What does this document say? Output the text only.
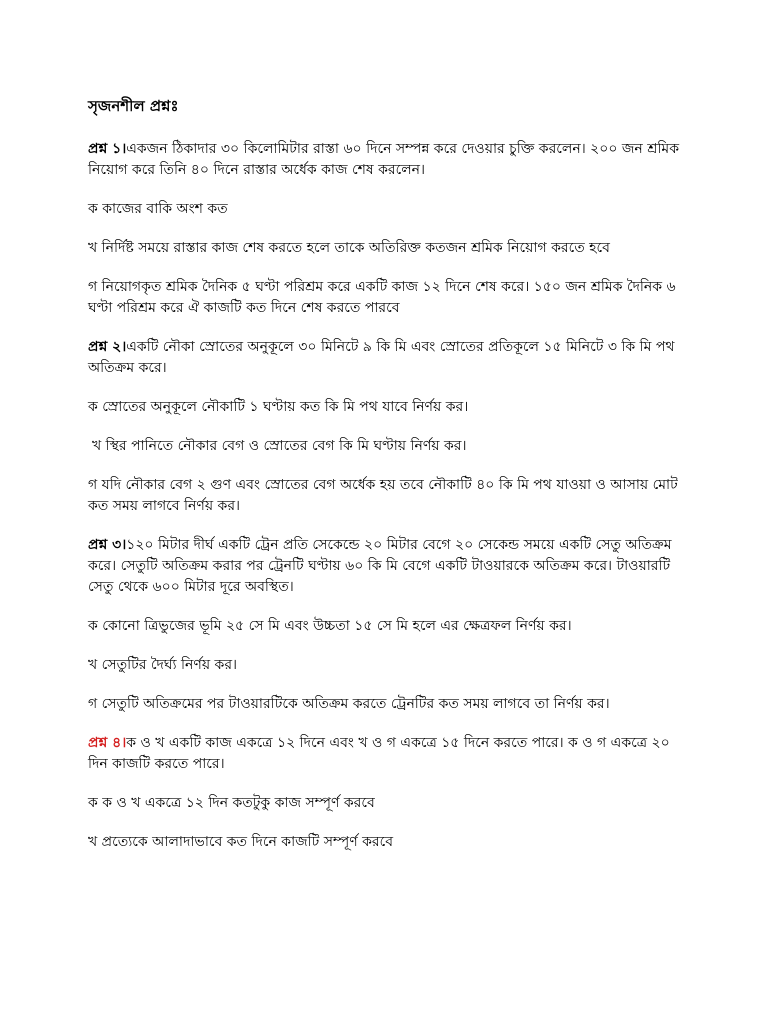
সৃজনশীল প্রশ্নঃ
প্রশ্ন ১।একজন ঠিকাদার ৩০ কিলোমিটার রাস্তা ৬০ দিনে সম্পন্ন করে দেওয়ার চুক্তি করলেন। ২০০ জন শ্রমিক নিয়োগ করে তিনি ৪০ দিনে রাস্তার অর্ধেক কাজ শেষ করলেন।
ক কাজের বাকি অংশ কত
খ নির্দিষ্ট সময়ে রাস্তার কাজ শেষ করতে হলে তাকে অতিরিক্ত কতজন শ্রমিক নিয়োগ করতে হবে
গ নিয়োগকৃত শ্রমিক দৈনিক ৫ ঘণ্টা পরিশ্রম করে একটি কাজ ১২ দিনে শেষ করে। ১৫০ জন শ্রমিক দৈনিক ৬ ঘণ্টা পরিশ্রম করে ঐ কাজটি কত দিনে শেষ করতে পারবে
প্রশ্ন ২।একটি নৌকা স্রোতের অনুকূলে ৩০ মিনিটে ৯ কি মি এবং স্রোতের প্রতিকূলে ১৫ মিনিটে ৩ কি মি পথ অতিক্রম করে।
ক স্রোতের অনুকূলে নৌকাটি ১ ঘণ্টায় কত কি মি পথ যাবে নির্ণয় কর।
খ স্থির পানিতে নৌকার বেগ ও স্রোতের বেগ কি মি ঘণ্টায় নির্ণয় কর।
গ যদি নৌকার বেগ ২ গুণ এবং স্রোতের বেগ অর্ধেক হয় তবে নৌকাটি ৪০ কি মি পথ যাওয়া ও আসায় মোট কত সময় লাগবে নির্ণয় কর।
প্রশ্ন ৩।১২০ মিটার দীর্ঘ একটি ট্রেন প্রতি সেকেন্ডে ২০ মিটার বেগে ২০ সেকেন্ড সময়ে একটি সেতু অতিক্রম করে। সেতুটি অতিক্রম করার পর ট্রেনটি ঘণ্টায় ৬০ কি মি বেগে একটি টাওয়ারকে অতিক্রম করে। টাওয়ারটি সেতু থেকে ৬০০ মিটার দূরে অবস্থিত।
ক কোনো ত্রিভুজের ভূমি ২৫ সে মি এবং উচ্চতা ১৫ সে মি হলে এর ক্ষেত্রফল নির্ণয় কর।
খ সেতুটির দৈর্ঘ্য নির্ণয় কর।
গ সেতুটি অতিক্রমের পর টাওয়ারটিকে অতিক্রম করতে ট্রেনটির কত সময় লাগবে তা নির্ণয় কর।
প্রশ্ন ৪।ক ও খ একটি কাজ একত্রে ১২ দিনে এবং খ ও গ একত্রে ১৫ দিনে করতে পারে। ক ও গ একত্রে ২০ দিন কাজটি করতে পারে।
ক ক ও খ একত্রে ১২ দিন কতটুকু কাজ সম্পূর্ণ করবে
খ প্রত্যেকে আলাদাভাবে কত দিনে কাজটি সম্পূর্ণ করবে
